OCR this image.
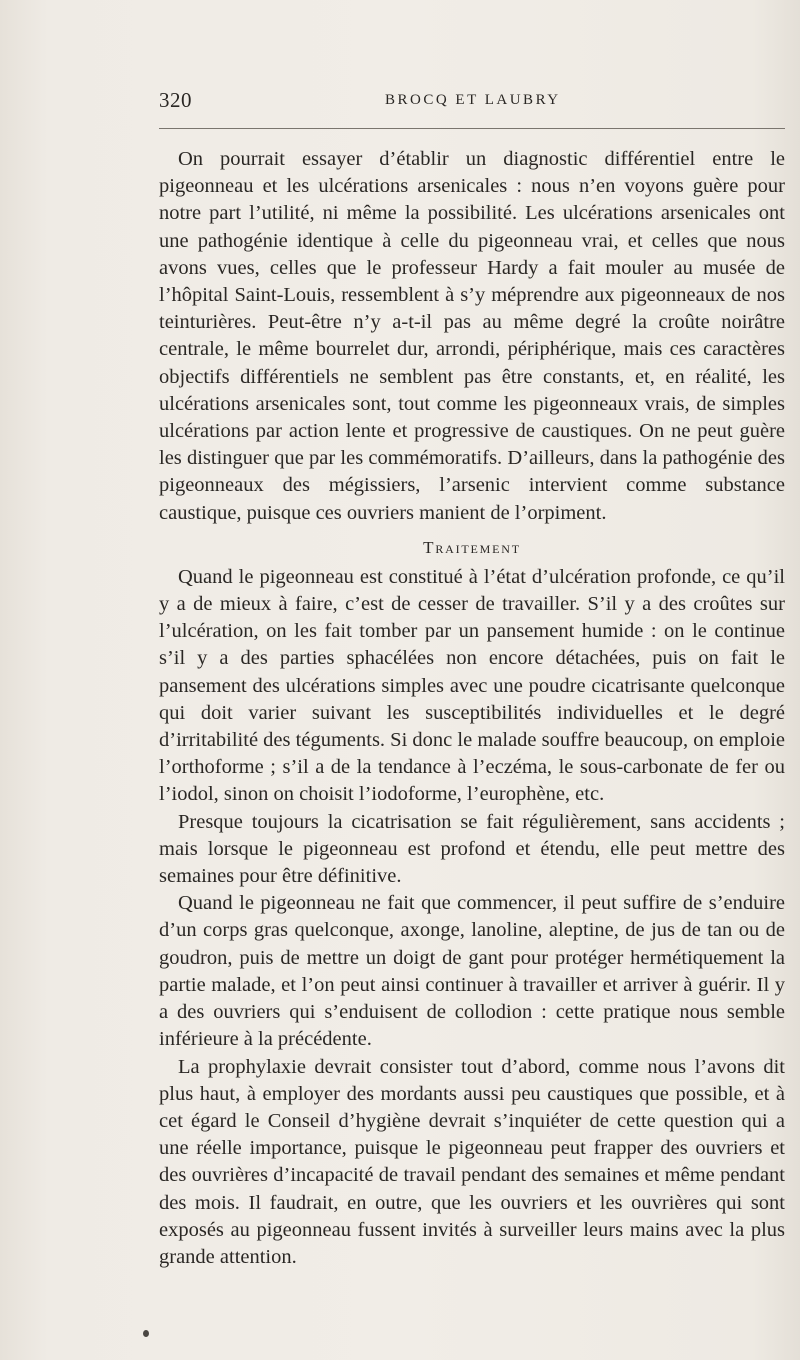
320	BROCQ ET LAUBRY

On pourrait essayer d’établir un diagnostic différentiel entre le pigeonneau et les ulcérations arsenicales : nous n’en voyons guère pour notre part l’utilité, ni même la possibilité. Les ulcérations arsenicales ont une pathogénie identique à celle du pigeonneau vrai, et celles que nous avons vues, celles que le professeur Hardy a fait mouler au musée de l’hôpital Saint-Louis, ressemblent à s’y méprendre aux pigeonneaux de nos teinturières. Peut-être n’y a-t-il pas au même degré la croûte noirâtre centrale, le même bourrelet dur, arrondi, périphérique, mais ces caractères objectifs différentiels ne semblent pas être constants, et, en réalité, les ulcérations arsenicales sont, tout comme les pigeonneaux vrais, de simples ulcérations par action lente et progressive de caustiques. On ne peut guère les distinguer que par les commémoratifs. D’ailleurs, dans la pathogénie des pigeonneaux des mégissiers, l’arsenic intervient comme substance caustique, puisque ces ouvriers manient de l’orpiment.

Traitement

Quand le pigeonneau est constitué à l’état d’ulcération profonde, ce qu’il y a de mieux à faire, c’est de cesser de travailler. S’il y a des croûtes sur l’ulcération, on les fait tomber par un pansement humide : on le continue s’il y a des parties sphacélées non encore détachées, puis on fait le pansement des ulcérations simples avec une poudre cicatrisante quelconque qui doit varier suivant les susceptibilités individuelles et le degré d’irritabilité des téguments. Si donc le malade souffre beaucoup, on emploie l’orthoforme ; s’il a de la tendance à l’eczéma, le sous-carbonate de fer ou l’iodol, sinon on choisit l’iodoforme, l’europhène, etc.

Presque toujours la cicatrisation se fait régulièrement, sans accidents ; mais lorsque le pigeonneau est profond et étendu, elle peut mettre des semaines pour être définitive.

Quand le pigeonneau ne fait que commencer, il peut suffire de s’enduire d’un corps gras quelconque, axonge, lanoline, aleptine, de jus de tan ou de goudron, puis de mettre un doigt de gant pour protéger hermétiquement la partie malade, et l’on peut ainsi continuer à travailler et arriver à guérir. Il y a des ouvriers qui s’enduisent de collodion : cette pratique nous semble inférieure à la précédente.

La prophylaxie devrait consister tout d’abord, comme nous l’avons dit plus haut, à employer des mordants aussi peu caustiques que possible, et à cet égard le Conseil d’hygiène devrait s’inquiéter de cette question qui a une réelle importance, puisque le pigeonneau peut frapper des ouvriers et des ouvrières d’incapacité de travail pendant des semaines et même pendant des mois. Il faudrait, en outre, que les ouvriers et les ouvrières qui sont exposés au pigeonneau fussent invités à surveiller leurs mains avec la plus grande attention.
